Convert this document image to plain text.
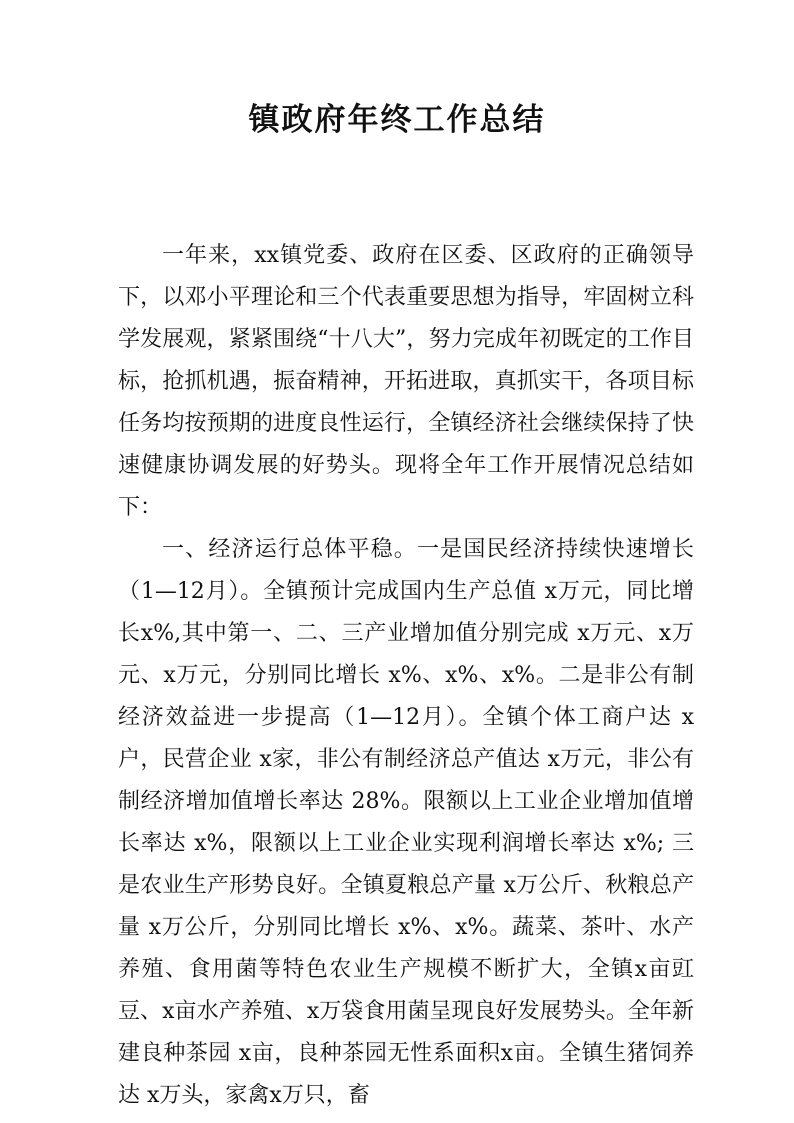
镇政府年终工作总结

一年来，xx镇党委、政府在区委、区政府的正确领导下，以邓小平理论和三个代表重要思想为指导，牢固树立科学发展观，紧紧围绕“十八大”，努力完成年初既定的工作目标，抢抓机遇，振奋精神，开拓进取，真抓实干，各项目标任务均按预期的进度良性运行，全镇经济社会继续保持了快速健康协调发展的好势头。现将全年工作开展情况总结如下：

一、经济运行总体平稳。一是国民经济持续快速增长（1—12月）。全镇预计完成国内生产总值 x万元，同比增长x%,其中第一、二、三产业增加值分别完成 x万元、x万元、x万元，分别同比增长 x%、x%、x%。二是非公有制经济效益进一步提高（1—12月）。全镇个体工商户达 x户，民营企业 x家，非公有制经济总产值达 x万元，非公有制经济增加值增长率达 28%。限额以上工业企业增加值增长率达 x%，限额以上工业企业实现利润增长率达 x%; 三是农业生产形势良好。全镇夏粮总产量 x万公斤、秋粮总产量 x万公斤，分别同比增长 x%、x%。蔬菜、茶叶、水产养殖、食用菌等特色农业生产规模不断扩大，全镇x亩豇豆、x亩水产养殖、x万袋食用菌呈现良好发展势头。全年新建良种茶园 x亩，良种茶园无性系面积x亩。全镇生猪饲养达 x万头，家禽x万只，畜
